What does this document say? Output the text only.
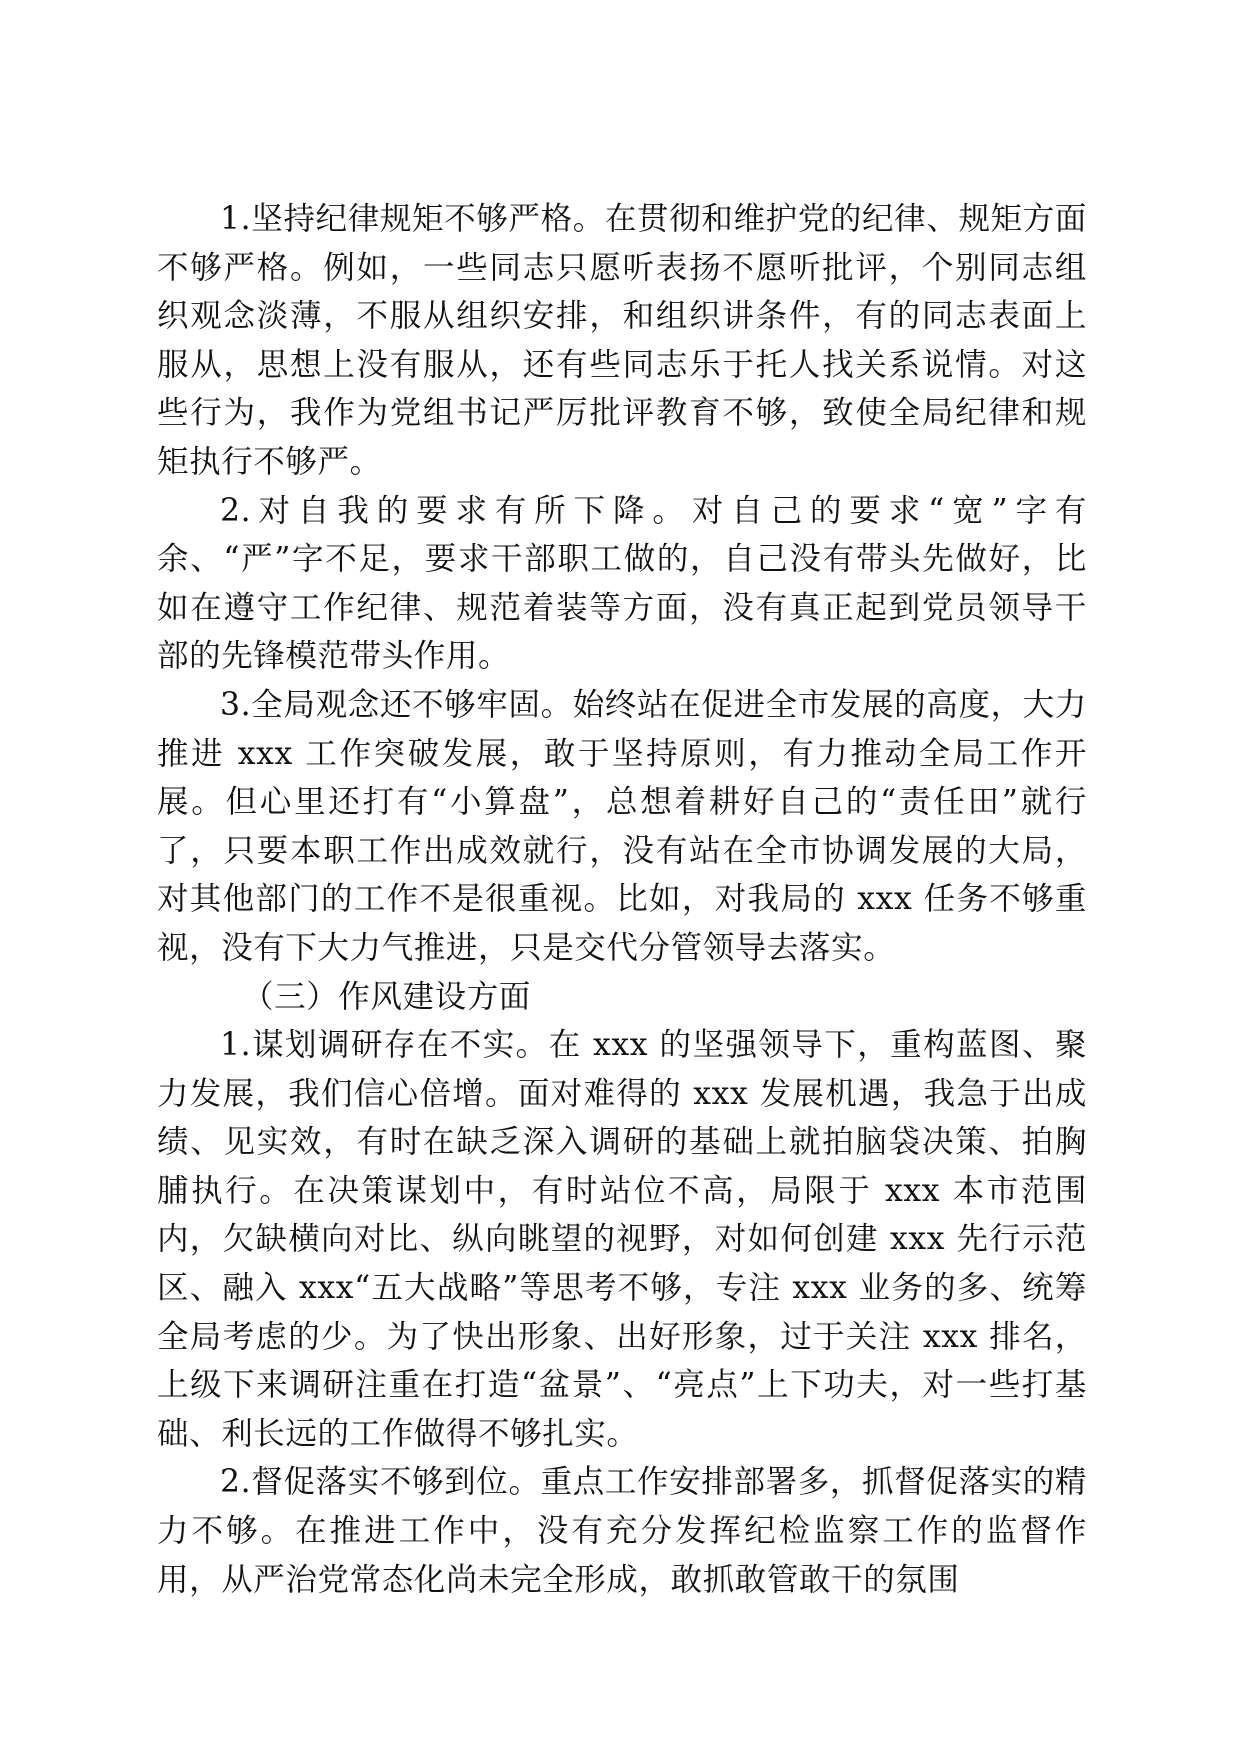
1.坚持纪律规矩不够严格。在贯彻和维护党的纪律、规矩方面不够严格。例如，一些同志只愿听表扬不愿听批评，个别同志组织观念淡薄，不服从组织安排，和组织讲条件，有的同志表面上服从，思想上没有服从，还有些同志乐于托人找关系说情。对这些行为，我作为党组书记严厉批评教育不够，致使全局纪律和规矩执行不够严。

2.对自我的要求有所下降。对自己的要求“宽”字有余、“严”字不足，要求干部职工做的，自己没有带头先做好，比如在遵守工作纪律、规范着装等方面，没有真正起到党员领导干部的先锋模范带头作用。

3.全局观念还不够牢固。始终站在促进全市发展的高度，大力推进 xxx 工作突破发展，敢于坚持原则，有力推动全局工作开展。但心里还打有“小算盘”，总想着耕好自己的“责任田”就行了，只要本职工作出成效就行，没有站在全市协调发展的大局，对其他部门的工作不是很重视。比如，对我局的 xxx 任务不够重视，没有下大力气推进，只是交代分管领导去落实。

（三）作风建设方面

1.谋划调研存在不实。在 xxx 的坚强领导下，重构蓝图、聚力发展，我们信心倍增。面对难得的 xxx 发展机遇，我急于出成绩、见实效，有时在缺乏深入调研的基础上就拍脑袋决策、拍胸脯执行。在决策谋划中，有时站位不高，局限于 xxx 本市范围内，欠缺横向对比、纵向眺望的视野，对如何创建 xxx 先行示范区、融入 xxx“五大战略”等思考不够，专注 xxx 业务的多、统筹全局考虑的少。为了快出形象、出好形象，过于关注 xxx 排名，上级下来调研注重在打造“盆景”、“亮点”上下功夫，对一些打基础、利长远的工作做得不够扎实。

2.督促落实不够到位。重点工作安排部署多，抓督促落实的精力不够。在推进工作中，没有充分发挥纪检监察工作的监督作用，从严治党常态化尚未完全形成，敢抓敢管敢干的氛围
